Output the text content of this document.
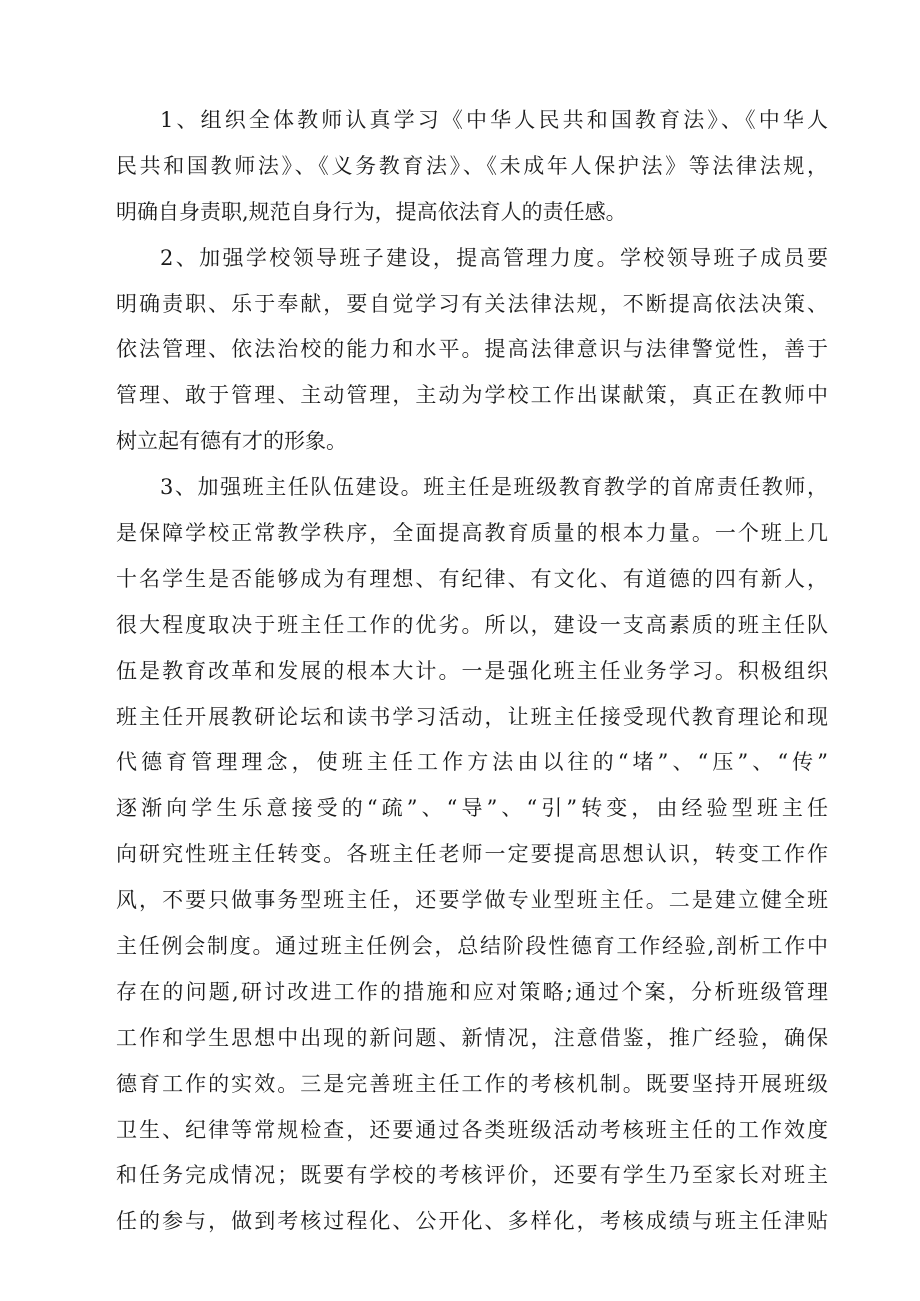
1、组织全体教师认真学习《中华人民共和国教育法》、《中华人
民共和国教师法》、《义务教育法》、《未成年人保护法》等法律法规，
明确自身责职,规范自身行为，提高依法育人的责任感。
2、加强学校领导班子建设，提高管理力度。学校领导班子成员要
明确责职、乐于奉献，要自觉学习有关法律法规，不断提高依法决策、
依法管理、依法治校的能力和水平。提高法律意识与法律警觉性，善于
管理、敢于管理、主动管理，主动为学校工作出谋献策，真正在教师中
树立起有德有才的形象。
3、加强班主任队伍建设。班主任是班级教育教学的首席责任教师，
是保障学校正常教学秩序，全面提高教育质量的根本力量。一个班上几
十名学生是否能够成为有理想、有纪律、有文化、有道德的四有新人，
很大程度取决于班主任工作的优劣。所以，建设一支高素质的班主任队
伍是教育改革和发展的根本大计。一是强化班主任业务学习。积极组织
班主任开展教研论坛和读书学习活动，让班主任接受现代教育理论和现
代德育管理理念，使班主任工作方法由以往的“堵”、“压”、“传”
逐渐向学生乐意接受的“疏”、“导”、“引”转变，由经验型班主任
向研究性班主任转变。各班主任老师一定要提高思想认识，转变工作作
风，不要只做事务型班主任，还要学做专业型班主任。二是建立健全班
主任例会制度。通过班主任例会，总结阶段性德育工作经验,剖析工作中
存在的问题,研讨改进工作的措施和应对策略;通过个案，分析班级管理
工作和学生思想中出现的新问题、新情况，注意借鉴，推广经验，确保
德育工作的实效。三是完善班主任工作的考核机制。既要坚持开展班级
卫生、纪律等常规检查，还要通过各类班级活动考核班主任的工作效度
和任务完成情况；既要有学校的考核评价，还要有学生乃至家长对班主
任的参与，做到考核过程化、公开化、多样化，考核成绩与班主任津贴
